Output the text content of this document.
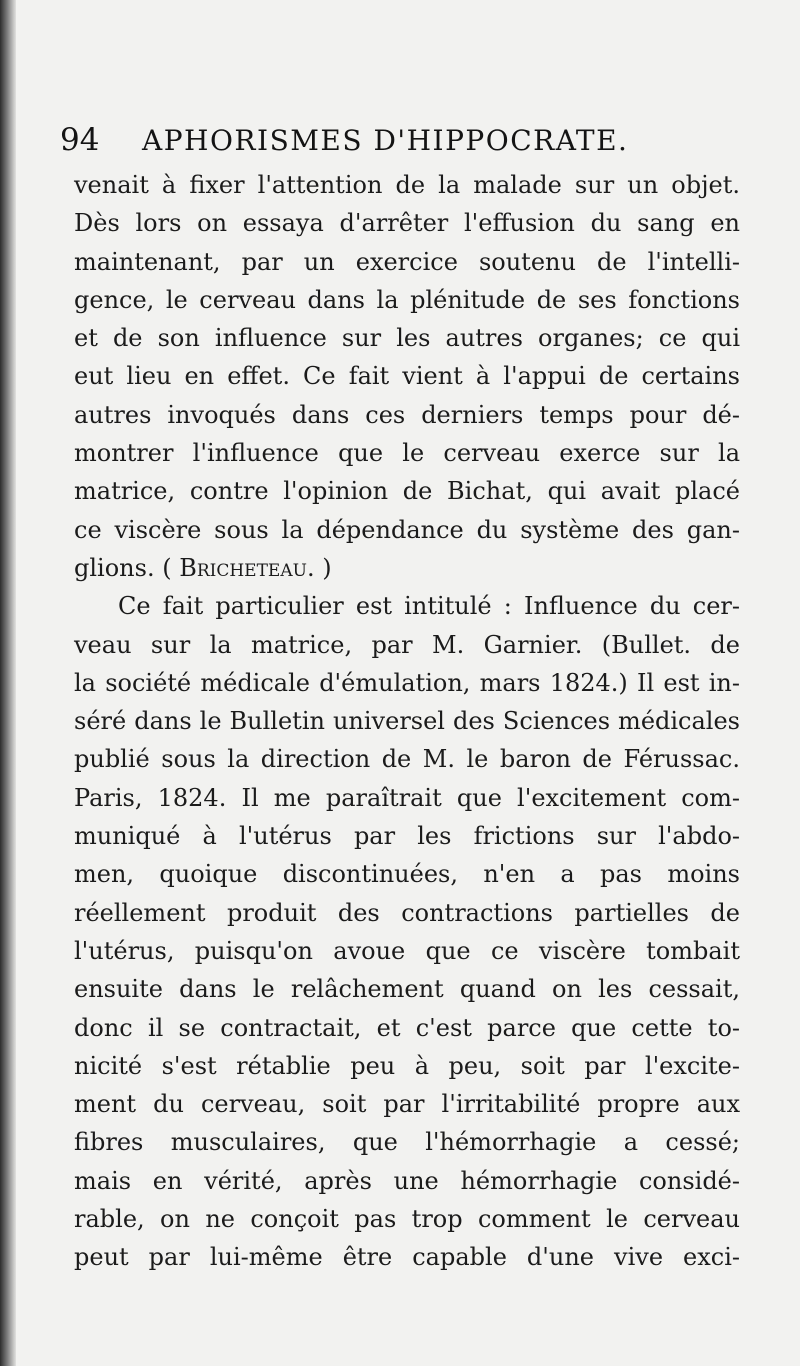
94 APHORISMES D'HIPPOCRATE.
venait à fixer l'attention de la malade sur un objet.
Dès lors on essaya d'arrêter l'effusion du sang en
maintenant, par un exercice soutenu de l'intelli-
gence, le cerveau dans la plénitude de ses fonctions
et de son influence sur les autres organes; ce qui
eut lieu en effet. Ce fait vient à l'appui de certains
autres invoqués dans ces derniers temps pour dé-
montrer l'influence que le cerveau exerce sur la
matrice, contre l'opinion de Bichat, qui avait placé
ce viscère sous la dépendance du système des gan-
glions. ( Bricheteau. )
Ce fait particulier est intitulé : Influence du cer-
veau sur la matrice, par M. Garnier. (Bullet. de
la société médicale d'émulation, mars 1824.) Il est in-
séré dans le Bulletin universel des Sciences médicales
publié sous la direction de M. le baron de Férussac.
Paris, 1824. Il me paraîtrait que l'excitement com-
muniqué à l'utérus par les frictions sur l'abdo-
men, quoique discontinuées, n'en a pas moins
réellement produit des contractions partielles de
l'utérus, puisqu'on avoue que ce viscère tombait
ensuite dans le relâchement quand on les cessait,
donc il se contractait, et c'est parce que cette to-
nicité s'est rétablie peu à peu, soit par l'excite-
ment du cerveau, soit par l'irritabilité propre aux
fibres musculaires, que l'hémorrhagie a cessé;
mais en vérité, après une hémorrhagie considé-
rable, on ne conçoit pas trop comment le cerveau
peut par lui-même être capable d'une vive exci-
